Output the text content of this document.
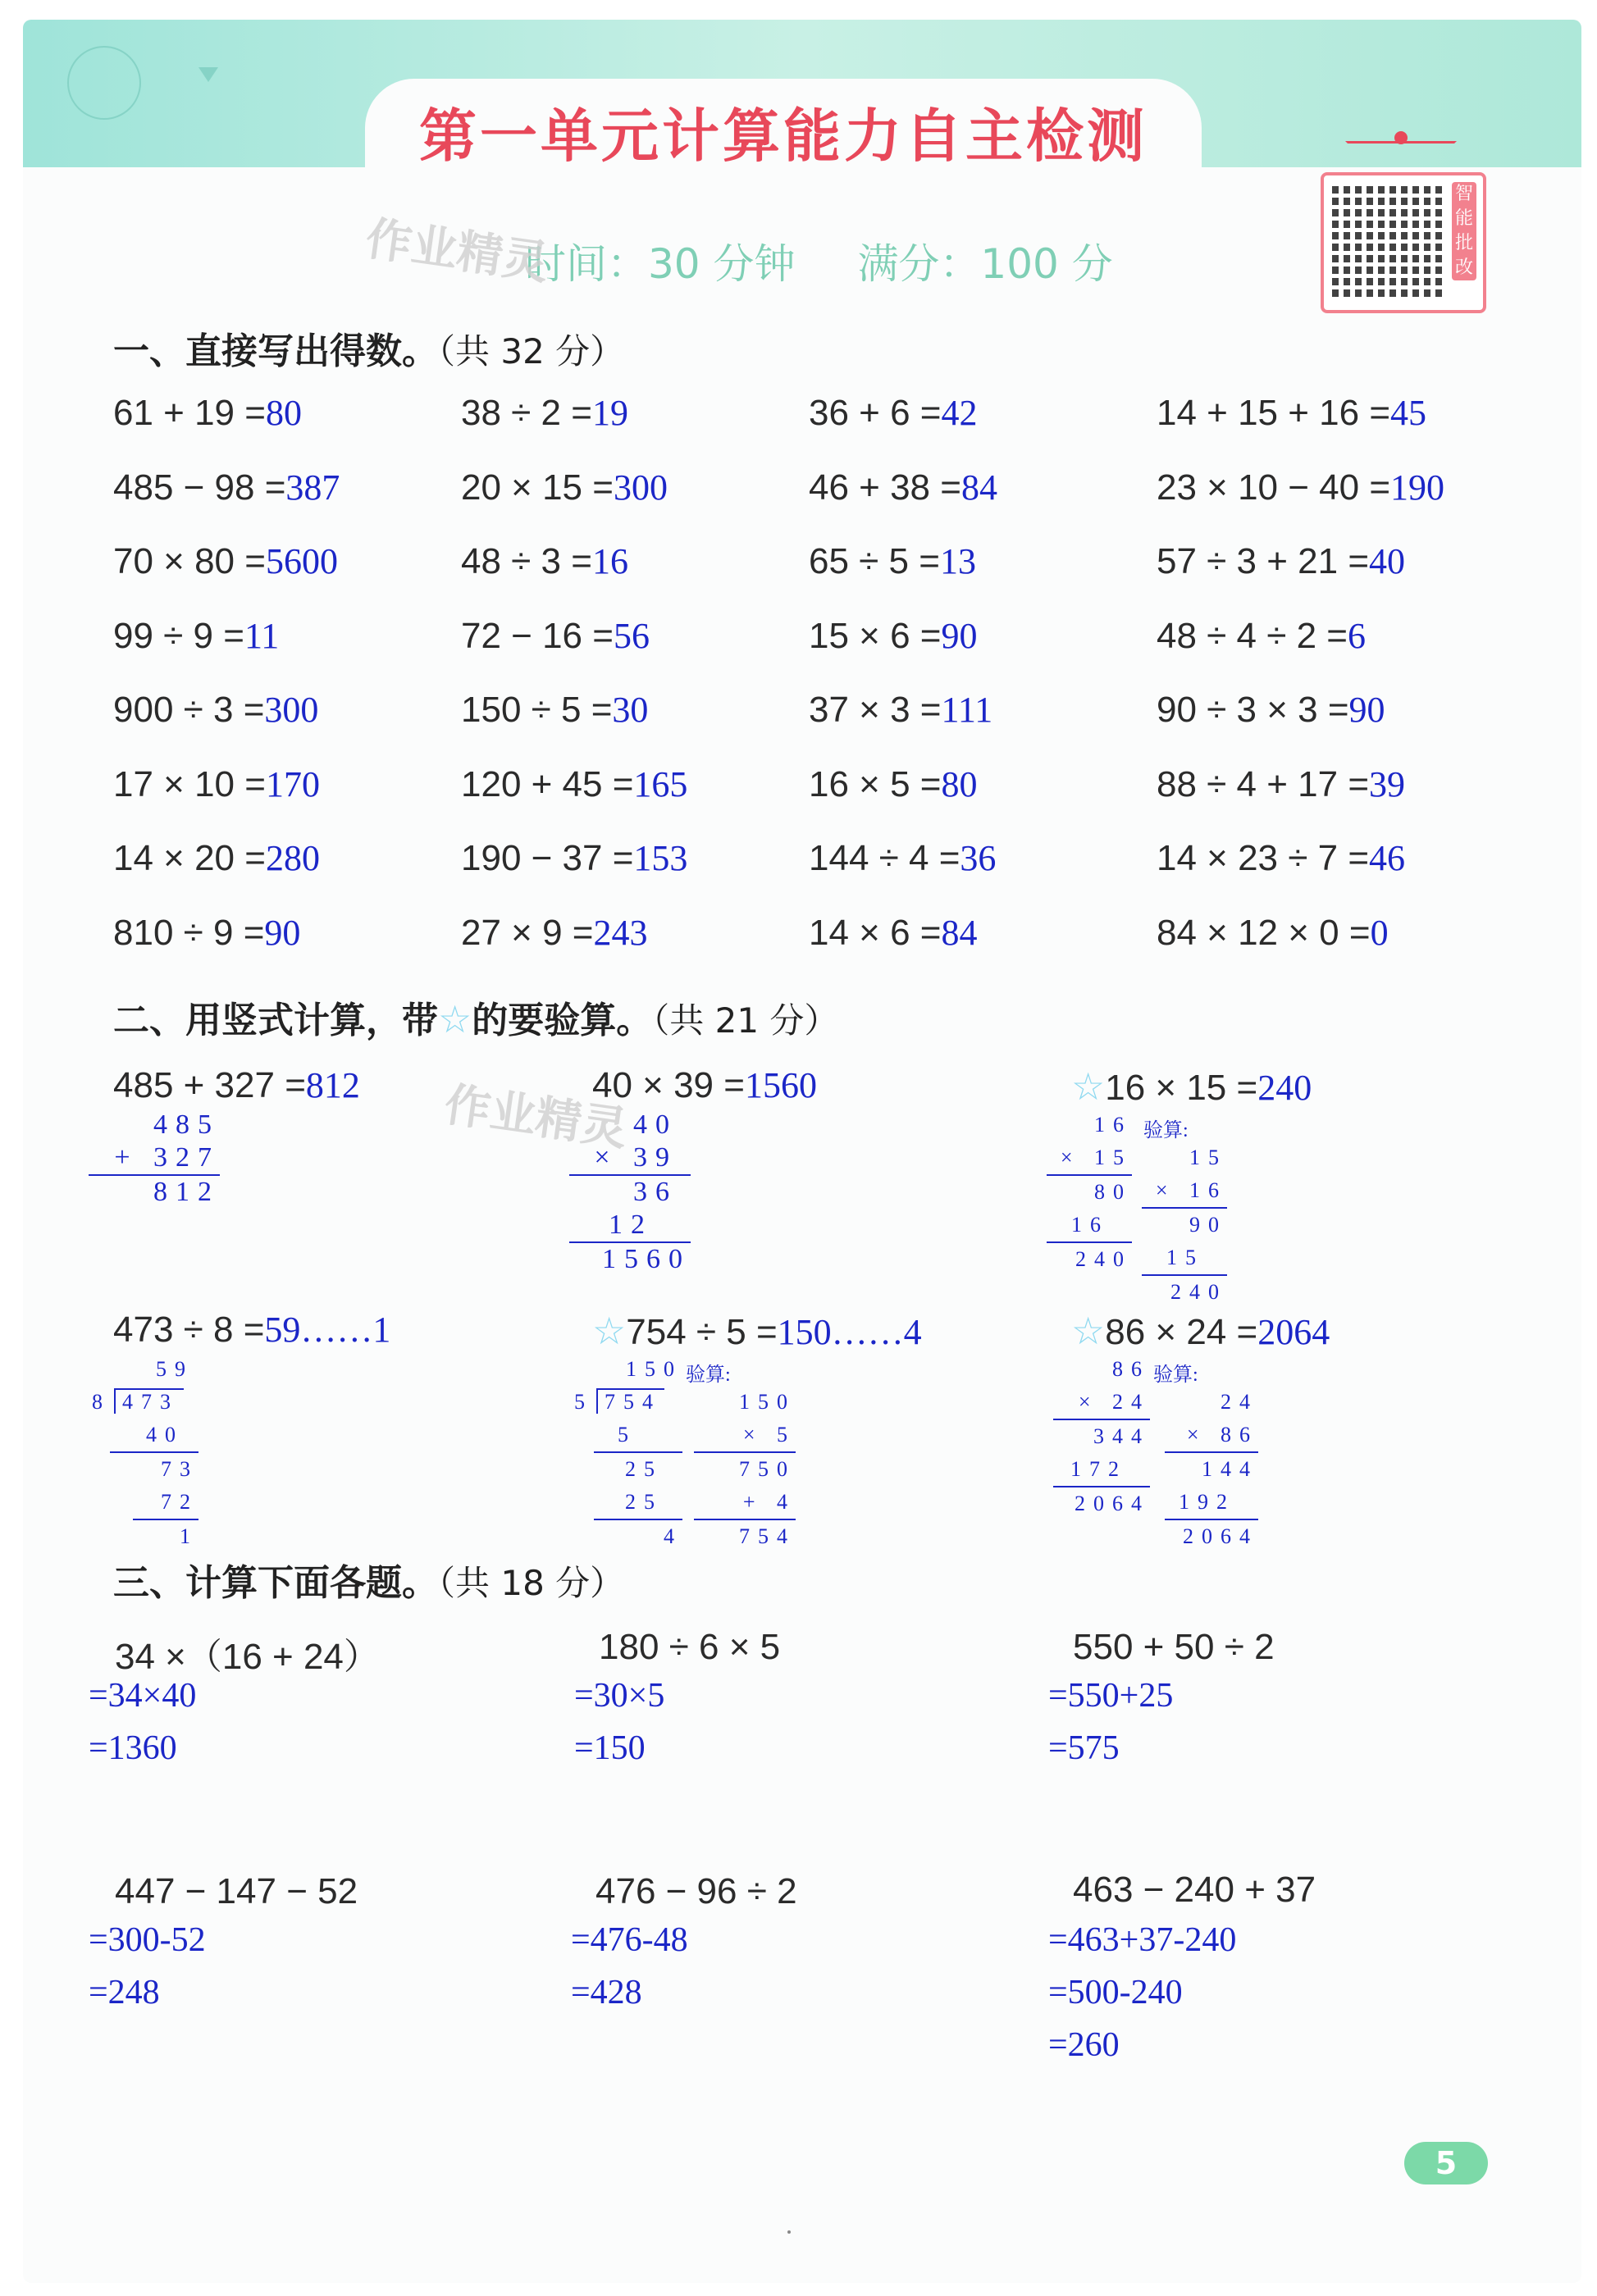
第一单元计算能力自主检测
时间：30 分钟 满分：100 分
作业精灵
作业精灵
智能批改
一、直接写出得数。（共 32 分）
61 + 19 =80	38 ÷ 2 =19	36 + 6 =42	14 + 15 + 16 =45
485 − 98 =387	20 × 15 =300	46 + 38 =84	23 × 10 − 40 =190
70 × 80 =5600	48 ÷ 3 =16	65 ÷ 5 =13	57 ÷ 3 + 21 =40
99 ÷ 9 =11	72 − 16 =56	15 × 6 =90	48 ÷ 4 ÷ 2 =6
900 ÷ 3 =300	150 ÷ 5 =30	37 × 3 =111	90 ÷ 3 × 3 =90
17 × 10 =170	120 + 45 =165	16 × 5 =80	88 ÷ 4 + 17 =39
14 × 20 =280	190 − 37 =153	144 ÷ 4 =36	14 × 23 ÷ 7 =46
810 ÷ 9 =90	27 × 9 =243	14 × 6 =84	84 × 12 × 0 =0
二、用竖式计算，带☆的要验算。（共 21 分）
485 + 327 =812	40 × 39 =1560	☆16 × 15 =240
473 ÷ 8 =59……1	☆754 ÷ 5 =150……4	☆86 × 24 =2064
485
+ 327
812
40
× 39
36
12
1560
16
× 15
80
16
240
验算:
15
× 16
90
15
240
59
8 473
40
73
72
1
150
5 754
5
25
25
4
验算:
150
× 5
750
+ 4
754
86
× 24
344
172
2064
验算:
24
× 86
144
192
2064
三、计算下面各题。（共 18 分）
34 ×（16 + 24）
=34×40
=1360
180 ÷ 6 × 5
=30×5
=150
550 + 50 ÷ 2
=550+25
=575
447 − 147 − 52
=300-52
=248
476 − 96 ÷ 2
=476-48
=428
463 − 240 + 37
=463+37-240
=500-240
=260
5
